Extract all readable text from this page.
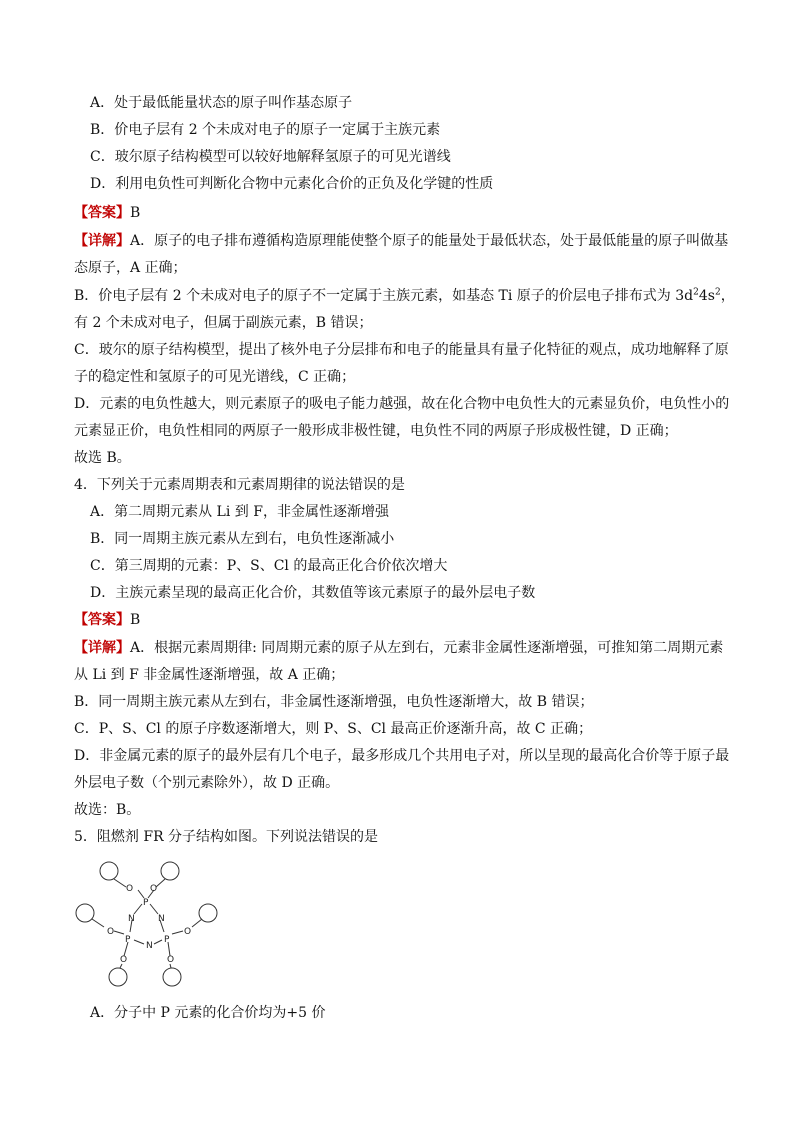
A．处于最低能量状态的原子叫作基态原子
B．价电子层有 2 个未成对电子的原子一定属于主族元素
C．玻尔原子结构模型可以较好地解释氢原子的可见光谱线
D．利用电负性可判断化合物中元素化合价的正负及化学键的性质
【答案】B
【详解】A．原子的电子排布遵循构造原理能使整个原子的能量处于最低状态，处于最低能量的原子叫做基
态原子，A 正确；
B．价电子层有 2 个未成对电子的原子不一定属于主族元素，如基态 Ti 原子的价层电子排布式为 $3d^24s^2$，
有 2 个未成对电子，但属于副族元素，B 错误；
C．玻尔的原子结构模型，提出了核外电子分层排布和电子的能量具有量子化特征的观点，成功地解释了原
子的稳定性和氢原子的可见光谱线，C 正确；
D．元素的电负性越大，则元素原子的吸电子能力越强，故在化合物中电负性大的元素显负价，电负性小的
元素显正价，电负性相同的两原子一般形成非极性键，电负性不同的两原子形成极性键，D 正确；
故选 B。
4．下列关于元素周期表和元素周期律的说法错误的是
A．第二周期元素从 Li 到 F，非金属性逐渐增强
B．同一周期主族元素从左到右，电负性逐渐减小
C．第三周期的元素：P、S、Cl 的最高正化合价依次增大
D．主族元素呈现的最高正化合价，其数值等该元素原子的最外层电子数
【答案】B
【详解】A．根据元素周期律: 同周期元素的原子从左到右，元素非金属性逐渐增强，可推知第二周期元素
从 Li 到 F 非金属性逐渐增强，故 A 正确；
B．同一周期主族元素从左到右，非金属性逐渐增强，电负性逐渐增大，故 B 错误；
C．P、S、Cl 的原子序数逐渐增大，则 P、S、Cl 最高正价逐渐升高，故 C 正确；
D．非金属元素的原子的最外层有几个电子，最多形成几个共用电子对，所以呈现的最高化合价等于原子最
外层电子数（个别元素除外），故 D 正确。
故选：B。
5．阻燃剂 FR 分子结构如图。下列说法错误的是
O O
P
N	N
O	O
P
N
P
O	O
A．分子中 P 元素的化合价均为+5 价
